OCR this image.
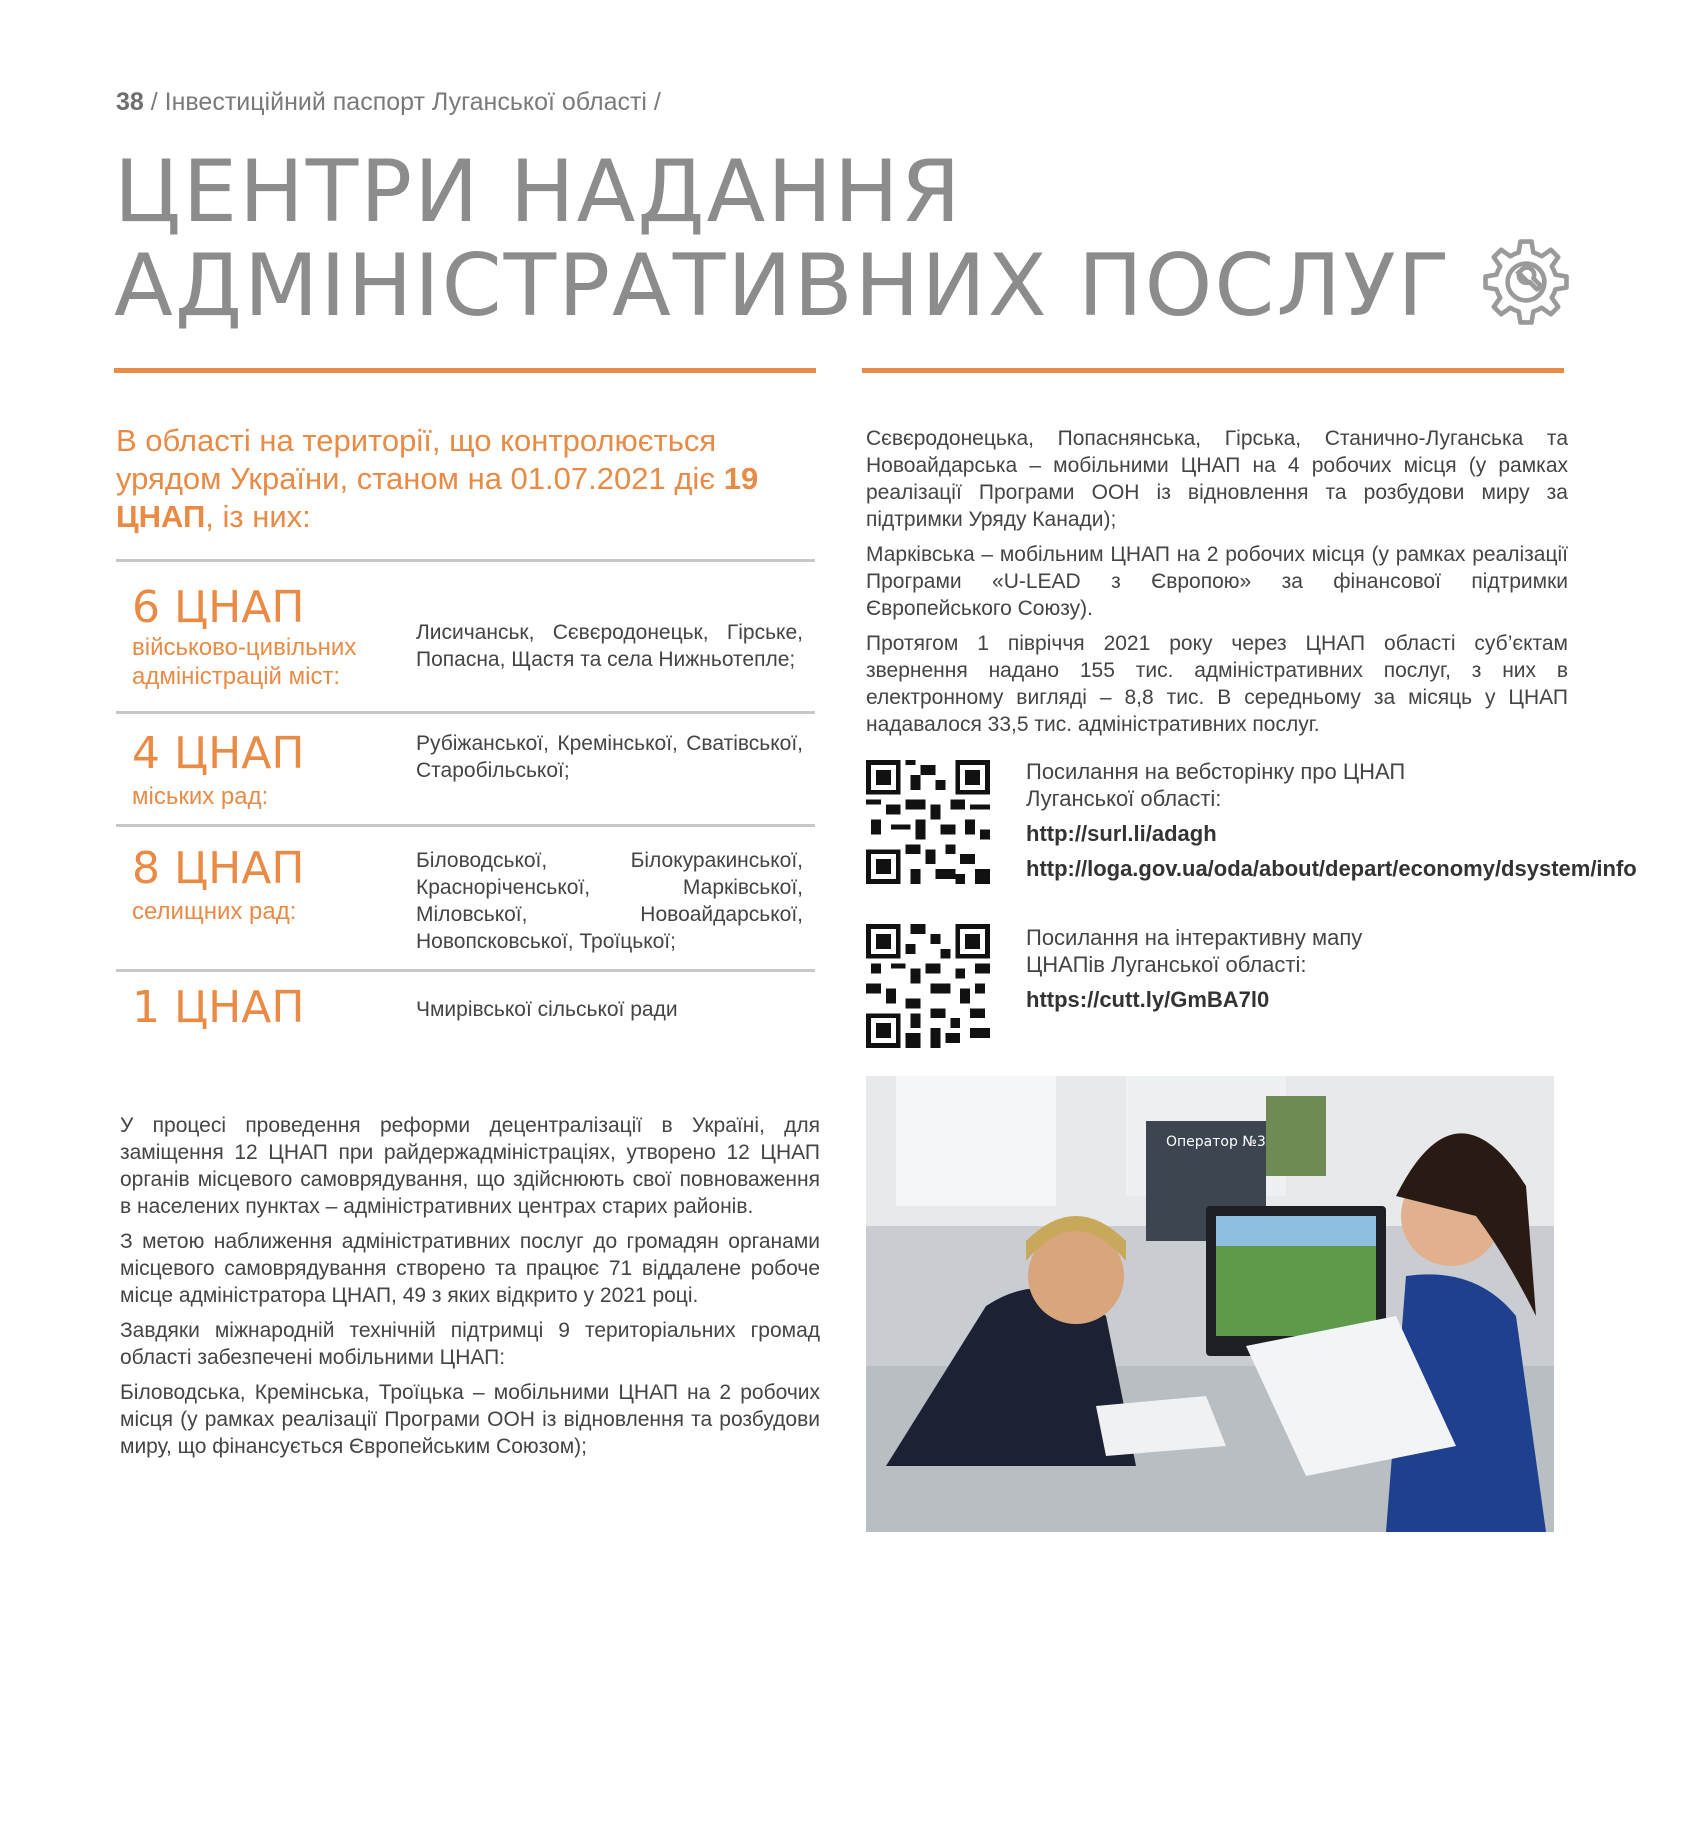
38 / Інвестиційний паспорт Луганської області /
ЦЕНТРИ НАДАННЯ
АДМІНІСТРАТИВНИХ ПОСЛУГ
В області на території, що контролюється урядом України, станом на 01.07.2021 діє 19 ЦНАП, із них:
6 ЦНАП
військово-цивільних адміністрацій міст:
Лисичанськ, Сєвєродонецьк, Гірське, Попасна, Щастя та села Нижньотепле;
4 ЦНАП
міських рад:
Рубіжанської, Кремінської, Сватівської, Старобільської;
8 ЦНАП
селищних рад:
Біловодської, Білокуракинської, Краснорiченської, Марківської, Міловської, Новоайдарської, Новопсковської, Троїцької;
1 ЦНАП	Чмирівської сільської ради

У процесі проведення реформи децентралізації в Україні, для заміщення 12 ЦНАП при райдержадміністраціях, утворено 12 ЦНАП органів місцевого самоврядування, що здійснюють свої повноваження в населених пунктах – адміністративних центрах старих районів.

З метою наближення адміністративних послуг до громадян органами місцевого самоврядування створено та працює 71 віддалене робоче місце адміністратора ЦНАП, 49 з яких відкрито у 2021 році.

Завдяки міжнародній технічній підтримці 9 територіальних громад області забезпечені мобільними ЦНАП:

Біловодська, Кремінська, Троїцька – мобільними ЦНАП на 2 робочих місця (у рамках реалізації Програми ООН із відновлення та розбудови миру, що фінансується Європейським Союзом);

Сєвєродонецька, Попаснянська, Гірська, Станично-Луганська та Новоайдарська – мобільними ЦНАП на 4 робочих місця (у рамках реалізації Програми ООН із відновлення та розбудови миру за підтримки Уряду Канади);

Марківська – мобільним ЦНАП на 2 робочих місця (у рамках реалізації Програми «U-LEAD з Європою» за фінансової підтримки Європейського Союзу).

Протягом 1 півріччя 2021 року через ЦНАП області суб’єктам звернення надано 155 тис. адміністративних послуг, з них в електронному вигляді – 8,8 тис. В середньому за місяць у ЦНАП надавалося 33,5 тис. адміністративних послуг.

Посилання на вебсторінку про ЦНАП Луганської області:
http://surl.li/adagh
http://loga.gov.ua/oda/about/depart/economy/dsystem/info
Посилання на інтерактивну мапу ЦНАПів Луганської області:
https://cutt.ly/GmBA7l0
Оператор №3
